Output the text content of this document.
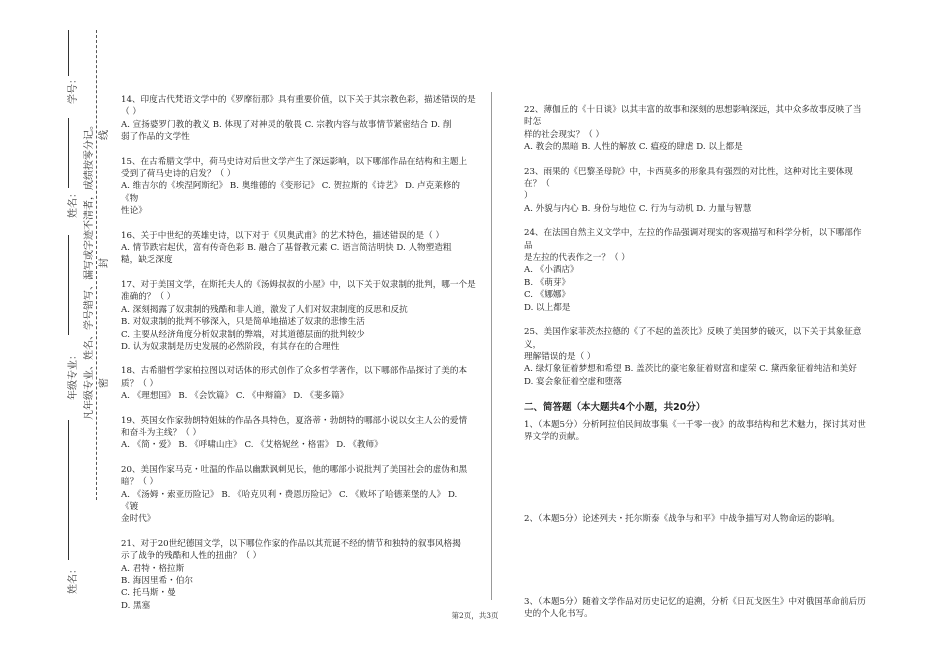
学号：
姓名：
年级专业：
姓名：
凡年级专业、姓名、学号错写、漏写或字迹不清者，成绩按零分记。 密
封
线

14、印度古代梵语文学中的《罗摩衍那》具有重要价值，以下关于其宗教色彩，描述错误的是

（ ）

A. 宣扬婆罗门教的教义 B. 体现了对神灵的敬畏 C. 宗教内容与故事情节紧密结合 D. 削

弱了作品的文学性

15、在古希腊文学中，荷马史诗对后世文学产生了深远影响，以下哪部作品在结构和主题上

受到了荷马史诗的启发？（ ）

A. 维吉尔的《埃涅阿斯纪》 B. 奥维德的《变形记》 C. 贺拉斯的《诗艺》 D. 卢克莱修的《物

性论》

16、关于中世纪的英雄史诗，以下对于《贝奥武甫》的艺术特色，描述错误的是（ ）

A. 情节跌宕起伏，富有传奇色彩 B. 融合了基督教元素 C. 语言简洁明快 D. 人物塑造粗

糙，缺乏深度

17、对于美国文学，在斯托夫人的《汤姆叔叔的小屋》中，以下关于奴隶制的批判，哪一个是

准确的？（ ）

A. 深刻揭露了奴隶制的残酷和非人道，激发了人们对奴隶制度的反思和反抗

B. 对奴隶制的批判不够深入，只是简单地描述了奴隶的悲惨生活

C. 主要从经济角度分析奴隶制的弊端，对其道德层面的批判较少

D. 认为奴隶制是历史发展的必然阶段，有其存在的合理性

18、古希腊哲学家柏拉图以对话体的形式创作了众多哲学著作，以下哪部作品探讨了美的本

质？（ ）

A. 《理想国》 B. 《会饮篇》 C. 《申辩篇》 D. 《斐多篇》

19、英国女作家勃朗特姐妹的作品各具特色，夏洛蒂・勃朗特的哪部小说以女主人公的爱情

和奋斗为主线？（ ）

A. 《简・爱》 B. 《呼啸山庄》 C. 《艾格妮丝・格雷》 D. 《教师》

20、美国作家马克・吐温的作品以幽默讽刺见长，他的哪部小说批判了美国社会的虚伪和黑

暗？（ ）

A. 《汤姆・索亚历险记》 B. 《哈克贝利・费恩历险记》 C. 《败坏了哈德莱堡的人》 D. 《镀

金时代》

21、对于20世纪德国文学，以下哪位作家的作品以其荒诞不经的情节和独特的叙事风格揭

示了战争的残酷和人性的扭曲？（ ）

A. 君特・格拉斯

B. 海因里希・伯尔

C. 托马斯・曼

D. 黑塞

22、薄伽丘的《十日谈》以其丰富的故事和深刻的思想影响深远，其中众多故事反映了当时怎

样的社会现实？（ ）

A. 教会的黑暗 B. 人性的解放 C. 瘟疫的肆虐 D. 以上都是

23、雨果的《巴黎圣母院》中，卡西莫多的形象具有强烈的对比性，这种对比主要体现在？（

）

A. 外貌与内心 B. 身份与地位 C. 行为与动机 D. 力量与智慧

24、在法国自然主义文学中，左拉的作品强调对现实的客观描写和科学分析，以下哪部作品

是左拉的代表作之一？（ ）

A. 《小酒店》

B. 《萌芽》

C. 《娜娜》

D. 以上都是

25、美国作家菲茨杰拉德的《了不起的盖茨比》反映了美国梦的破灭，以下关于其象征意义，

理解错误的是（ ）

A. 绿灯象征着梦想和希望 B. 盖茨比的豪宅象征着财富和虚荣 C. 黛西象征着纯洁和美好

D. 宴会象征着空虚和堕落

二、简答题（本大题共4个小题，共20分）

1、（本题5分）分析阿拉伯民间故事集《一千零一夜》的故事结构和艺术魅力，探讨其对世

界文学的贡献。

2、（本题5分）论述列夫・托尔斯泰《战争与和平》中战争描写对人物命运的影响。

3、（本题5分）随着文学作品对历史记忆的追溯，分析《日瓦戈医生》中对俄国革命前后历

史的个人化书写。

第2页，共3页
